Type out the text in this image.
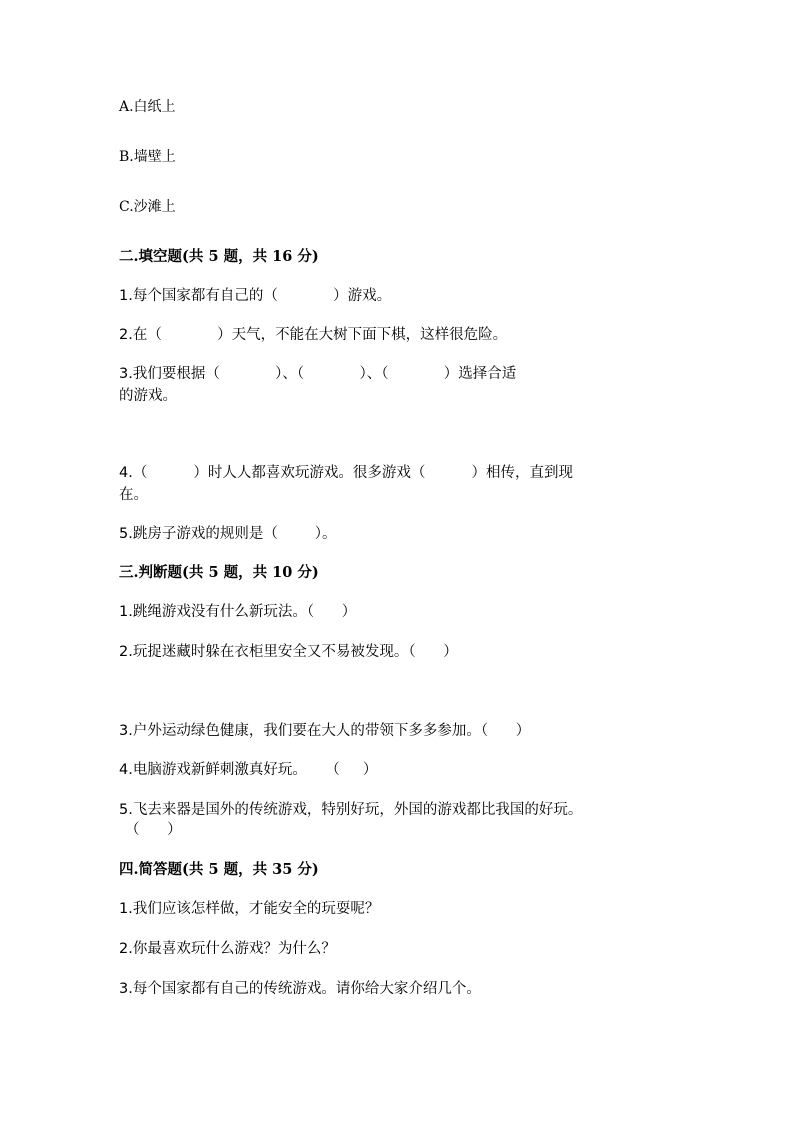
A.白纸上

B.墙壁上

C.沙滩上

二.填空题(共 5 题，共 16 分)

1.每个国家都有自己的（            ）游戏。

2.在（            ）天气，不能在大树下面下棋，这样很危险。

3.我们要根据（            ）、（            ）、（            ）选择合适

的游戏。

4.（          ）时人人都喜欢玩游戏。很多游戏（          ）相传，直到现

在。

5.跳房子游戏的规则是（        ）。

三.判断题(共 5 题，共 10 分)

1.跳绳游戏没有什么新玩法。（      ）

2.玩捉迷藏时躲在衣柜里安全又不易被发现。（      ）

3.户外运动绿色健康，我们要在大人的带领下多多参加。（      ）

4.电脑游戏新鲜刺激真好玩。    （     ）

5.飞去来器是国外的传统游戏，特别好玩，外国的游戏都比我国的好玩。

（      ）

四.简答题(共 5 题，共 35 分)

1.我们应该怎样做，才能安全的玩耍呢？

2.你最喜欢玩什么游戏？为什么？

3.每个国家都有自己的传统游戏。请你给大家介绍几个。
